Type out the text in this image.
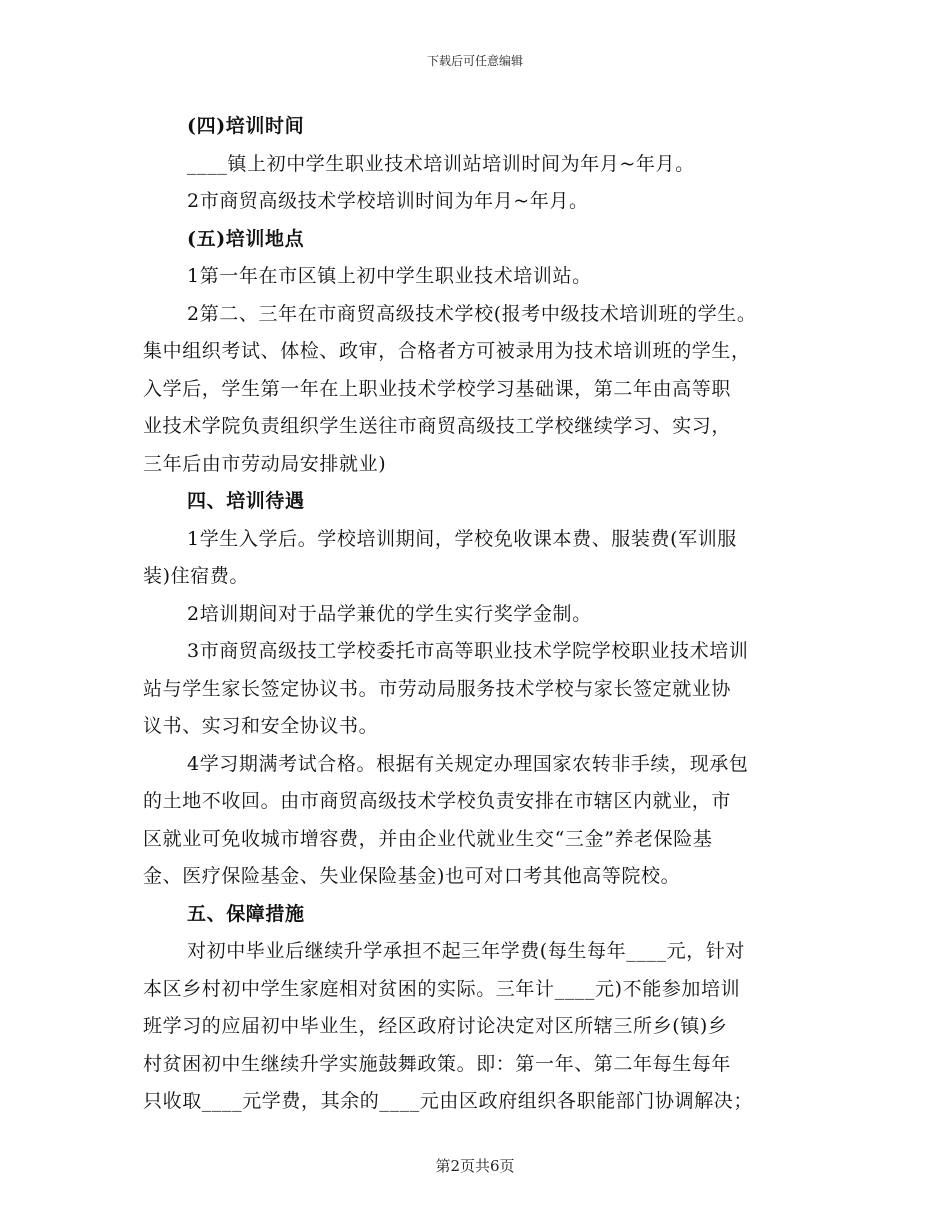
下载后可任意编辑
(四)培训时间
____镇上初中学生职业技术培训站培训时间为年月~年月。
2市商贸高级技术学校培训时间为年月~年月。
(五)培训地点
1第一年在市区镇上初中学生职业技术培训站。
2第二、三年在市商贸高级技术学校(报考中级技术培训班的学生。
集中组织考试、体检、政审，合格者方可被录用为技术培训班的学生，
入学后，学生第一年在上职业技术学校学习基础课，第二年由高等职
业技术学院负责组织学生送往市商贸高级技工学校继续学习、实习，
三年后由市劳动局安排就业)
四、培训待遇
1学生入学后。学校培训期间，学校免收课本费、服装费(军训服
装)住宿费。
2培训期间对于品学兼优的学生实行奖学金制。
3市商贸高级技工学校委托市高等职业技术学院学校职业技术培训
站与学生家长签定协议书。市劳动局服务技术学校与家长签定就业协
议书、实习和安全协议书。
4学习期满考试合格。根据有关规定办理国家农转非手续，现承包
的土地不收回。由市商贸高级技术学校负责安排在市辖区内就业，市
区就业可免收城市增容费，并由企业代就业生交“三金”养老保险基
金、医疗保险基金、失业保险基金)也可对口考其他高等院校。
五、保障措施
对初中毕业后继续升学承担不起三年学费(每生每年____元，针对
本区乡村初中学生家庭相对贫困的实际。三年计____元)不能参加培训
班学习的应届初中毕业生，经区政府讨论决定对区所辖三所乡(镇)乡
村贫困初中生继续升学实施鼓舞政策。即：第一年、第二年每生每年
只收取____元学费，其余的____元由区政府组织各职能部门协调解决；
第2页共6页
